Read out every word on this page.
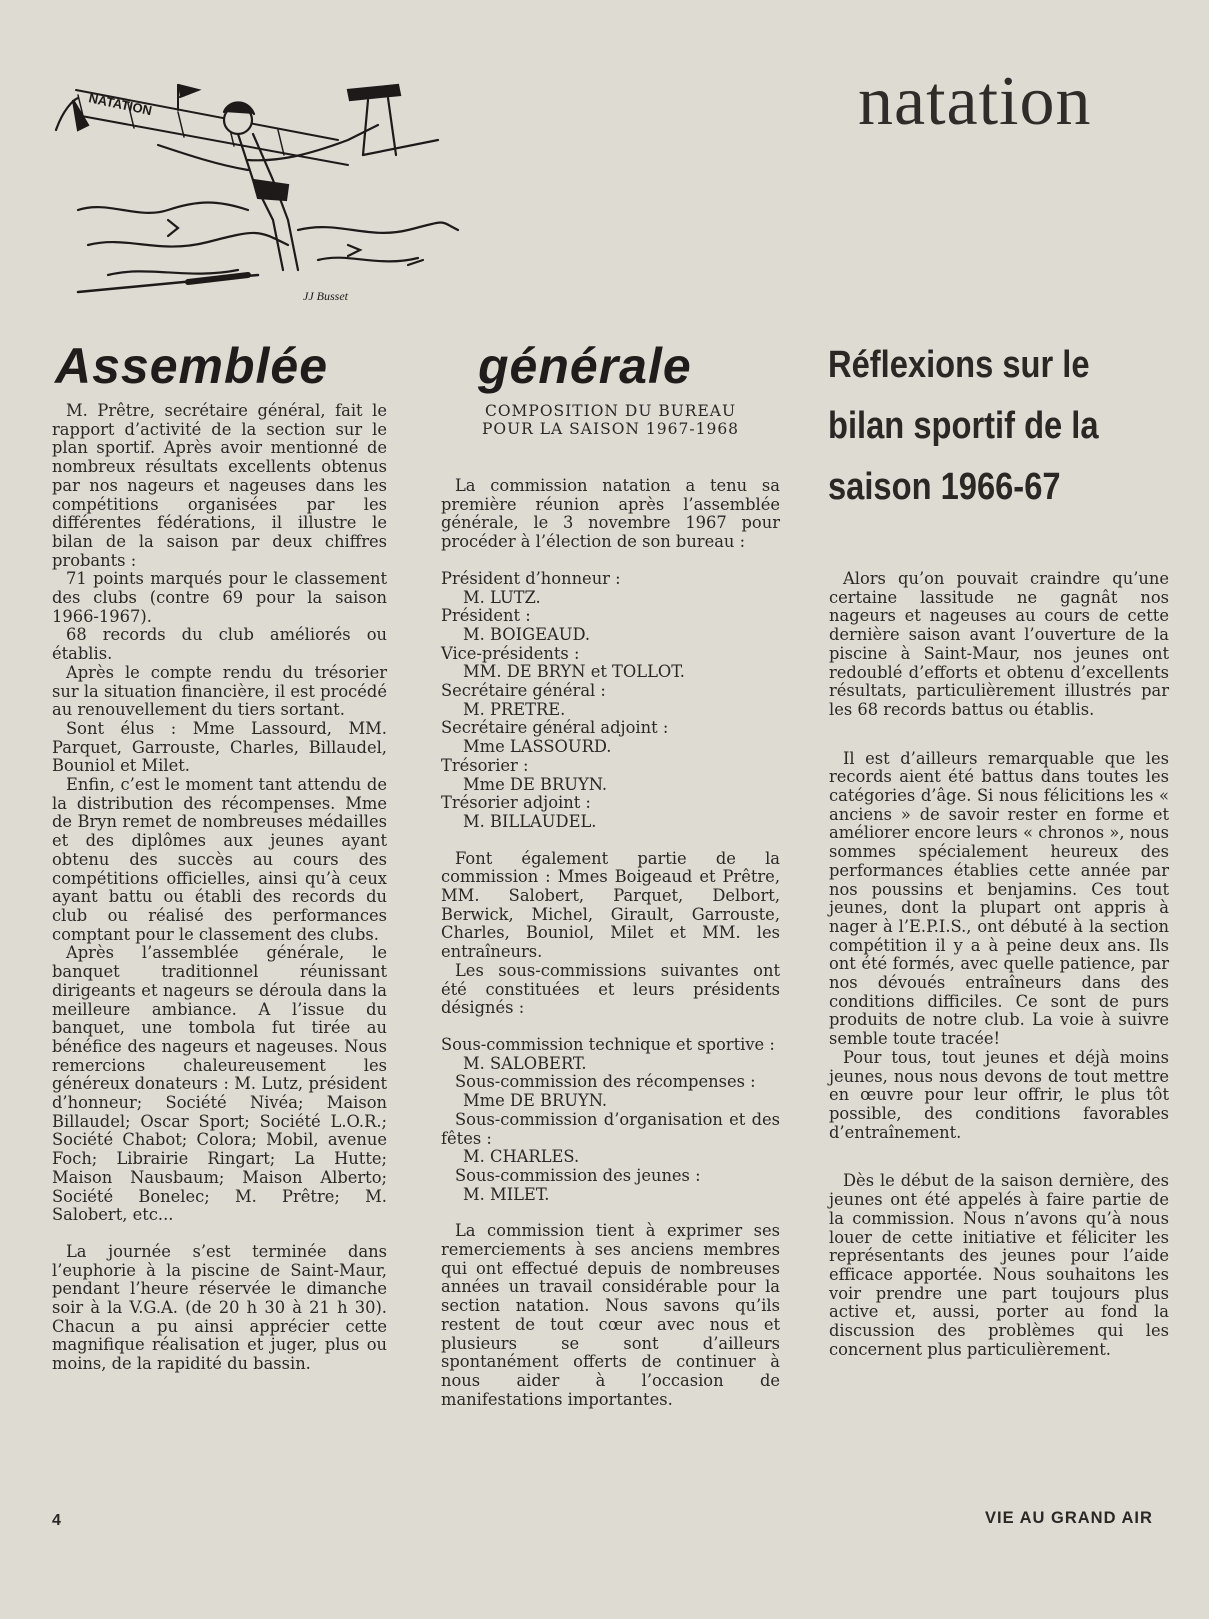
natation
NATATION
JJ Busset
Assemblée	générale	Réflexions sur le bilan sportif de la saison 1966-67

M. Prêtre, secrétaire général, fait le rapport d’activité de la section sur le plan sportif. Après avoir mentionné de nombreux résultats excellents obtenus par nos nageurs et nageuses dans les compétitions organisées par les différentes fédérations, il illustre le bilan de la saison par deux chiffres probants :

71 points marqués pour le classement des clubs (contre 69 pour la saison 1966-1967).

68 records du club améliorés ou établis.

Après le compte rendu du trésorier sur la situation financière, il est procédé au renouvellement du tiers sortant.

Sont élus : Mme Lassourd, MM. Parquet, Garrouste, Charles, Billaudel, Bouniol et Milet.

Enfin, c’est le moment tant attendu de la distribution des récompenses. Mme de Bryn remet de nombreuses médailles et des diplômes aux jeunes ayant obtenu des succès au cours des compétitions officielles, ainsi qu’à ceux ayant battu ou établi des records du club ou réalisé des performances comptant pour le classement des clubs.

Après l’assemblée générale, le banquet traditionnel réunissant dirigeants et nageurs se déroula dans la meilleure ambiance. A l’issue du banquet, une tombola fut tirée au bénéfice des nageurs et nageuses. Nous remercions chaleureusement les généreux donateurs : M. Lutz, président d’honneur; Société Nivéa; Maison Billaudel; Oscar Sport; Société L.O.R.; Société Chabot; Colora; Mobil, avenue Foch; Librairie Ringart; La Hutte; Maison Nausbaum; Maison Alberto; Société Bonelec; M. Prêtre; M. Salobert, etc...

La journée s’est terminée dans l’euphorie à la piscine de Saint-Maur, pendant l’heure réservée le dimanche soir à la V.G.A. (de 20 h 30 à 21 h 30). Chacun a pu ainsi apprécier cette magnifique réalisation et juger, plus ou moins, de la rapidité du bassin.

COMPOSITION DU BUREAU
POUR LA SAISON 1967-1968

La commission natation a tenu sa première réunion après l’assemblée générale, le 3 novembre 1967 pour procéder à l’élection de son bureau :

Président d’honneur :

M. LUTZ.

Président :

M. BOIGEAUD.

Vice-présidents :

MM. DE BRYN et TOLLOT.

Secrétaire général :

M. PRETRE.

Secrétaire général adjoint :

Mme LASSOURD.

Trésorier :

Mme DE BRUYN.

Trésorier adjoint :

M. BILLAUDEL.

Font également partie de la commission : Mmes Boigeaud et Prêtre, MM. Salobert, Parquet, Delbort, Berwick, Michel, Girault, Garrouste, Charles, Bouniol, Milet et MM. les entraîneurs.

Les sous-commissions suivantes ont été constituées et leurs présidents désignés :

Sous-commission technique et sportive :

M. SALOBERT.

Sous-commission des récompenses :

Mme DE BRUYN.

Sous-commission d’organisation et des fêtes :

M. CHARLES.

Sous-commission des jeunes :

M. MILET.

La commission tient à exprimer ses remerciements à ses anciens membres qui ont effectué depuis de nombreuses années un travail considérable pour la section natation. Nous savons qu’ils restent de tout cœur avec nous et plusieurs se sont d’ailleurs spontanément offerts de continuer à nous aider à l’occasion de manifestations importantes.

Alors qu’on pouvait craindre qu’une certaine lassitude ne gagnât nos nageurs et nageuses au cours de cette dernière saison avant l’ouverture de la piscine à Saint-Maur, nos jeunes ont redoublé d’efforts et obtenu d’excellents résultats, particulièrement illustrés par les 68 records battus ou établis.

Il est d’ailleurs remarquable que les records aient été battus dans toutes les catégories d’âge. Si nous félicitions les « anciens » de savoir rester en forme et améliorer encore leurs « chronos », nous sommes spécialement heureux des performances établies cette année par nos poussins et benjamins. Ces tout jeunes, dont la plupart ont appris à nager à l’E.P.I.S., ont débuté à la section compétition il y a à peine deux ans. Ils ont été formés, avec quelle patience, par nos dévoués entraîneurs dans des conditions difficiles. Ce sont de purs produits de notre club. La voie à suivre semble toute tracée!

Pour tous, tout jeunes et déjà moins jeunes, nous nous devons de tout mettre en œuvre pour leur offrir, le plus tôt possible, des conditions favorables d’entraînement.

Dès le début de la saison dernière, des jeunes ont été appelés à faire partie de la commission. Nous n’avons qu’à nous louer de cette initiative et féliciter les représentants des jeunes pour l’aide efficace apportée. Nous souhaitons les voir prendre une part toujours plus active et, aussi, porter au fond la discussion des problèmes qui les concernent plus particulièrement.

4	VIE AU GRAND AIR
